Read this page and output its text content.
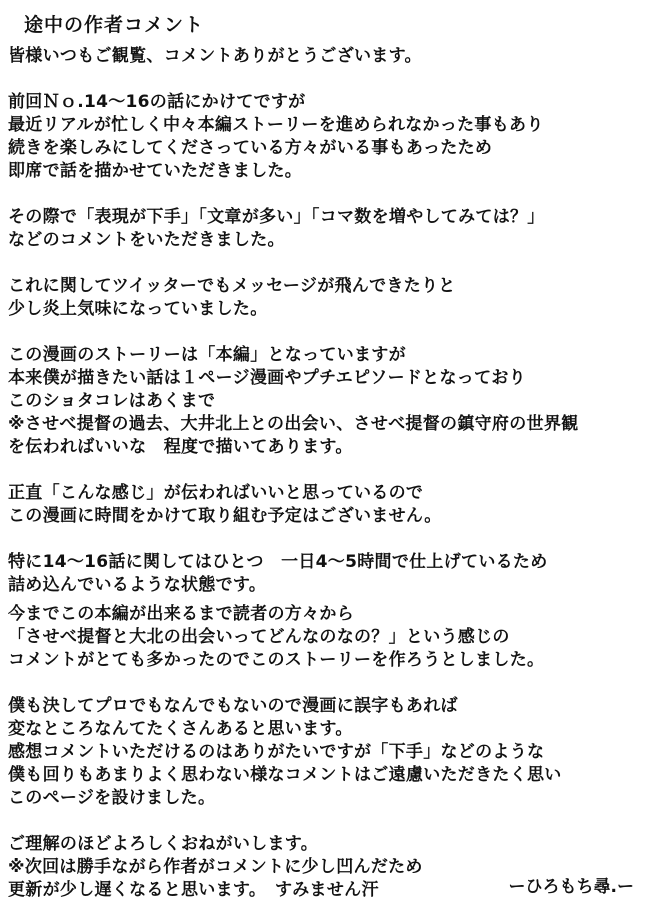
途中の作者コメント
皆様いつもご観覧、コメントありがとうございます。
前回Ｎｏ.14～16の話にかけてですが
最近リアルが忙しく中々本編ストーリーを進められなかった事もあり
続きを楽しみにしてくださっている方々がいる事もあったため
即席で話を描かせていただきました。
その際で「表現が下手」「文章が多い」「コマ数を増やしてみては？」
などのコメントをいただきました。
これに関してツイッターでもメッセージが飛んできたりと
少し炎上気味になっていました。
この漫画のストーリーは「本編」となっていますが
本来僕が描きたい話は１ページ漫画やプチエピソードとなっており
このショタコレはあくまで
※させべ提督の過去、大井北上との出会い、させべ提督の鎮守府の世界観
を伝わればいいな　程度で描いてあります。
正直「こんな感じ」が伝わればいいと思っているので
この漫画に時間をかけて取り組む予定はございません。
特に14～16話に関してはひとつ　一日4～5時間で仕上げているため
詰め込んでいるような状態です。
今までこの本編が出来るまで読者の方々から
「させべ提督と大北の出会いってどんなのなの？」という感じの
コメントがとても多かったのでこのストーリーを作ろうとしました。
僕も決してプロでもなんでもないので漫画に誤字もあれば
変なところなんてたくさんあると思います。
感想コメントいただけるのはありがたいですが「下手」などのような
僕も回りもあまりよく思わない様なコメントはご遠慮いただきたく思い
このページを設けました。
ご理解のほどよろしくおねがいします。
※次回は勝手ながら作者がコメントに少し凹んだため
更新が少し遅くなると思います。　すみません汗	ーひろもち尋.ー
